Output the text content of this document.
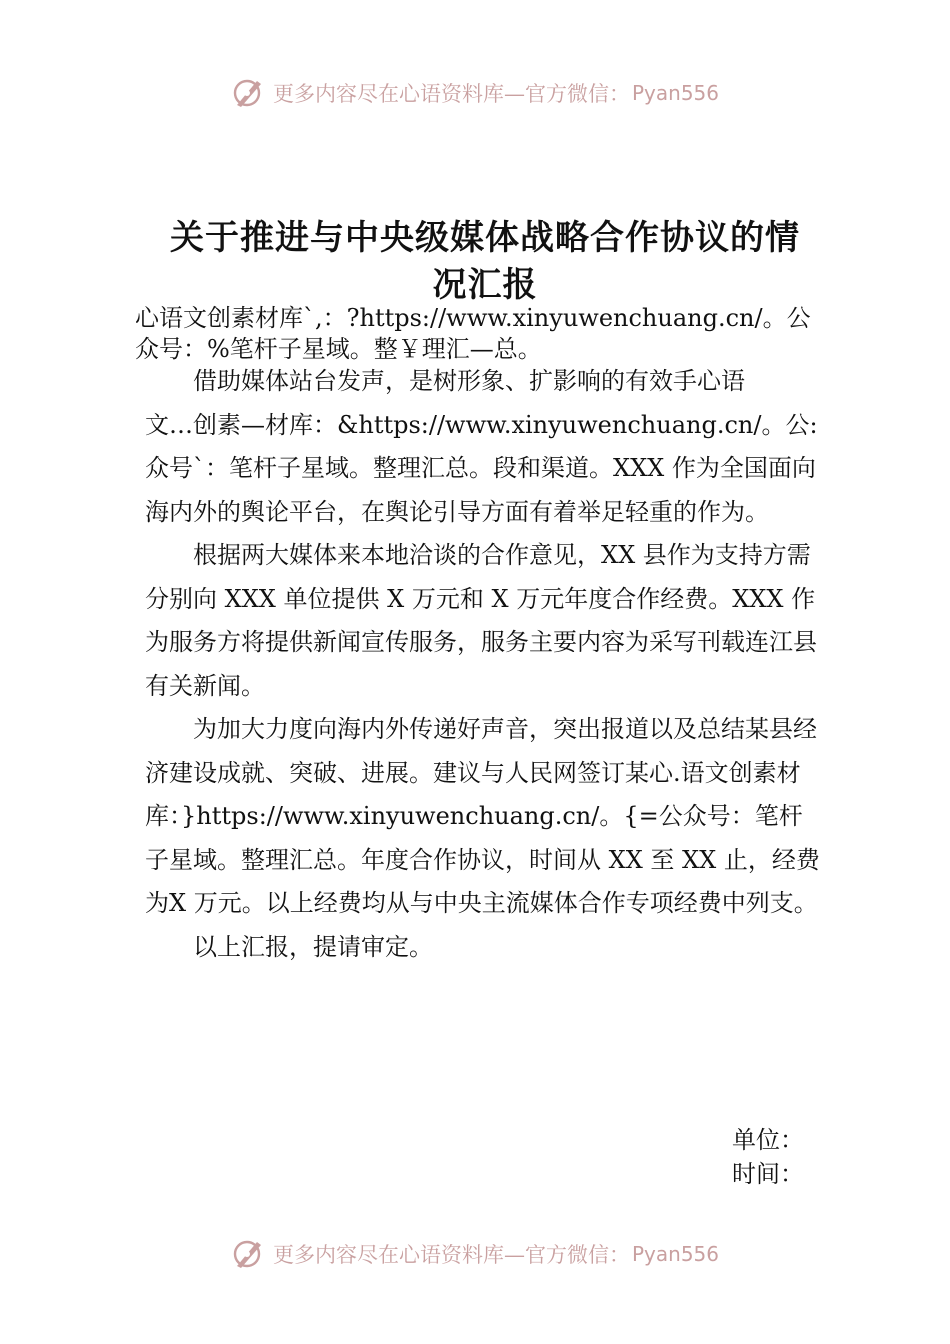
更多内容尽在心语资料库—官方微信： Pyan556
关于推进与中央级媒体战略合作协议的情
况汇报
心语文创素材库`,：?https://www.xinyuwenchuang.cn/。公众号：%笔杆子星域。整￥理汇—总。

借助媒体站台发声，是树形象、扩影响的有效手心语

文…创素—材库：&https://www.xinyuwenchuang.cn/。公:众号`：笔杆子星域。整理汇总。段和渠道。XXX 作为全国面向海内外的舆论平台，在舆论引导方面有着举足轻重的作为。

根据两大媒体来本地洽谈的合作意见，XX 县作为支持方需分别向 XXX 单位提供 X 万元和 X 万元年度合作经费。XXX 作为服务方将提供新闻宣传服务，服务主要内容为采写刊载连江县有关新闻。

为加大力度向海内外传递好声音，突出报道以及总结某县经济建设成就、突破、进展。建议与人民网签订某心.语文创素材库：}https://www.xinyuwenchuang.cn/。{=公众号：笔杆子星域。整理汇总。年度合作协议，时间从 XX 至 XX 止，经费为X 万元。以上经费均从与中央主流媒体合作专项经费中列支。

以上汇报，提请审定。

单位：
时间：
更多内容尽在心语资料库—官方微信： Pyan556
